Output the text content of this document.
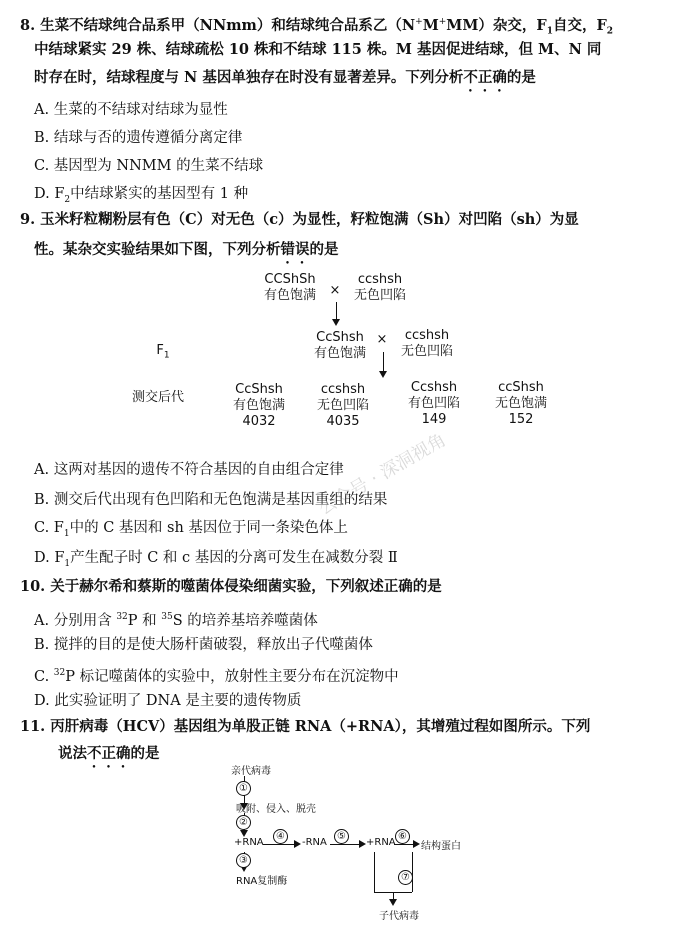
8. 生菜不结球纯合品系甲（NNmm）和结球纯合品系乙（N+M+MM）杂交，$F_1$自交，$F_2$
中结球紧实 29 株、结球疏松 10 株和不结球 115 株。M 基因促进结球，但 M、N 同
时存在时，结球程度与 N 基因单独存在时没有显著差异。下列分析不正确的是
A. 生菜的不结球对结球为显性
B. 结球与否的遗传遵循分离定律
C. 基因型为 NNMM 的生菜不结球
D. $F_2$中结球紧实的基因型有 1 种
9. 玉米籽粒糊粉层有色（C）对无色（c）为显性，籽粒饱满（Sh）对凹陷（sh）为显
性。某杂交实验结果如下图，下列分析错误的是
CCShSh
有色饱满	×
ccshsh
无色凹陷
$F_1$
CcShsh
有色饱满
×	ccshsh
无色凹陷
测交后代
CcShsh
有色饱满
4032
ccshsh
无色凹陷
4035
Ccshsh
有色凹陷
149
ccShsh
无色饱满
152
A. 这两对基因的遗传不符合基因的自由组合定律
B. 测交后代出现有色凹陷和无色饱满是基因重组的结果
C. $F_1$中的 C 基因和 sh 基因位于同一条染色体上
D. $F_1$产生配子时 C 和 c 基因的分离可发生在减数分裂 Ⅱ
10. 关于赫尔希和蔡斯的噬菌体侵染细菌实验，下列叙述正确的是
A. 分别用含 $^{32}$P 和 $^{35}$S 的培养基培养噬菌体
B. 搅拌的目的是使大肠杆菌破裂，释放出子代噬菌体
C. $^{32}$P 标记噬菌体的实验中，放射性主要分布在沉淀物中
D. 此实验证明了 DNA 是主要的遗传物质
11. 丙肝病毒（HCV）基因组为单股正链 RNA（+RNA），其增殖过程如图所示。下列
说法不正确的是
亲代病毒
①
吸附、侵入、脱壳
②
+RNA
④
-RNA
⑤
+RNA
⑥
结构蛋白
③
RNA复制酶	⑦
子代病毒
公众号 · 深洞视角
